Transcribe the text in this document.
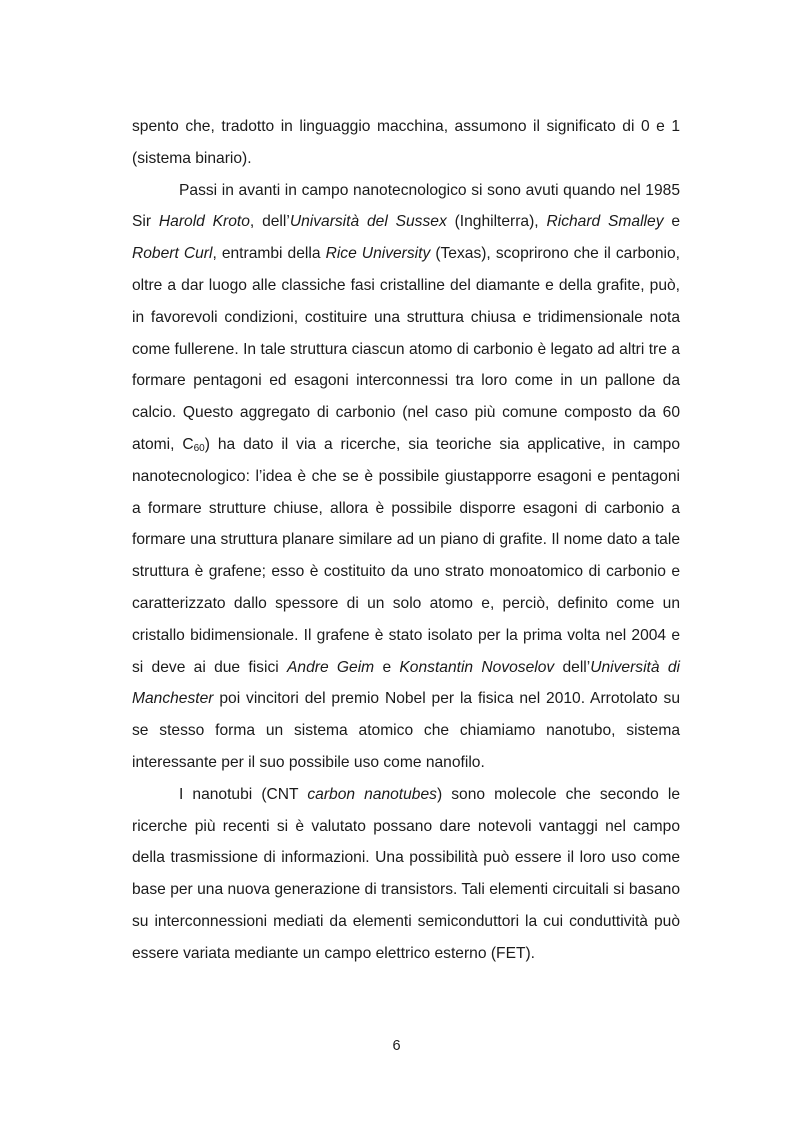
spento che, tradotto in linguaggio macchina, assumono il significato di 0 e 1 (sistema binario).

Passi in avanti in campo nanotecnologico si sono avuti quando nel 1985 Sir Harold Kroto, dell’Univarsità del Sussex (Inghilterra), Richard Smalley e Robert Curl, entrambi della Rice University (Texas), scoprirono che il carbonio, oltre a dar luogo alle classiche fasi cristalline del diamante e della grafite, può, in favorevoli condizioni, costituire una struttura chiusa e tridimensionale nota come fullerene. In tale struttura ciascun atomo di carbonio è legato ad altri tre a formare pentagoni ed esagoni interconnessi tra loro come in un pallone da calcio. Questo aggregato di carbonio (nel caso più comune composto da 60 atomi, $C_{60}$) ha dato il via a ricerche, sia teoriche sia applicative, in campo nanotecnologico: l’idea è che se è possibile giustapporre esagoni e pentagoni a formare strutture chiuse, allora è possibile disporre esagoni di carbonio a formare una struttura planare similare ad un piano di grafite. Il nome dato a tale struttura è grafene; esso è costituito da uno strato monoatomico di carbonio e caratterizzato dallo spessore di un solo atomo e, perciò, definito come un cristallo bidimensionale. Il grafene è stato isolato per la prima volta nel 2004 e si deve ai due fisici Andre Geim e Konstantin Novoselov dell’Università di Manchester poi vincitori del premio Nobel per la fisica nel 2010. Arrotolato su se stesso forma un sistema atomico che chiamiamo nanotubo, sistema interessante per il suo possibile uso come nanofilo.

I nanotubi (CNT carbon nanotubes) sono molecole che secondo le ricerche più recenti si è valutato possano dare notevoli vantaggi nel campo della trasmissione di informazioni. Una possibilità può essere il loro uso come base per una nuova generazione di transistors. Tali elementi circuitali si basano su interconnessioni mediati da elementi semiconduttori la cui conduttività può essere variata mediante un campo elettrico esterno (FET).

6
